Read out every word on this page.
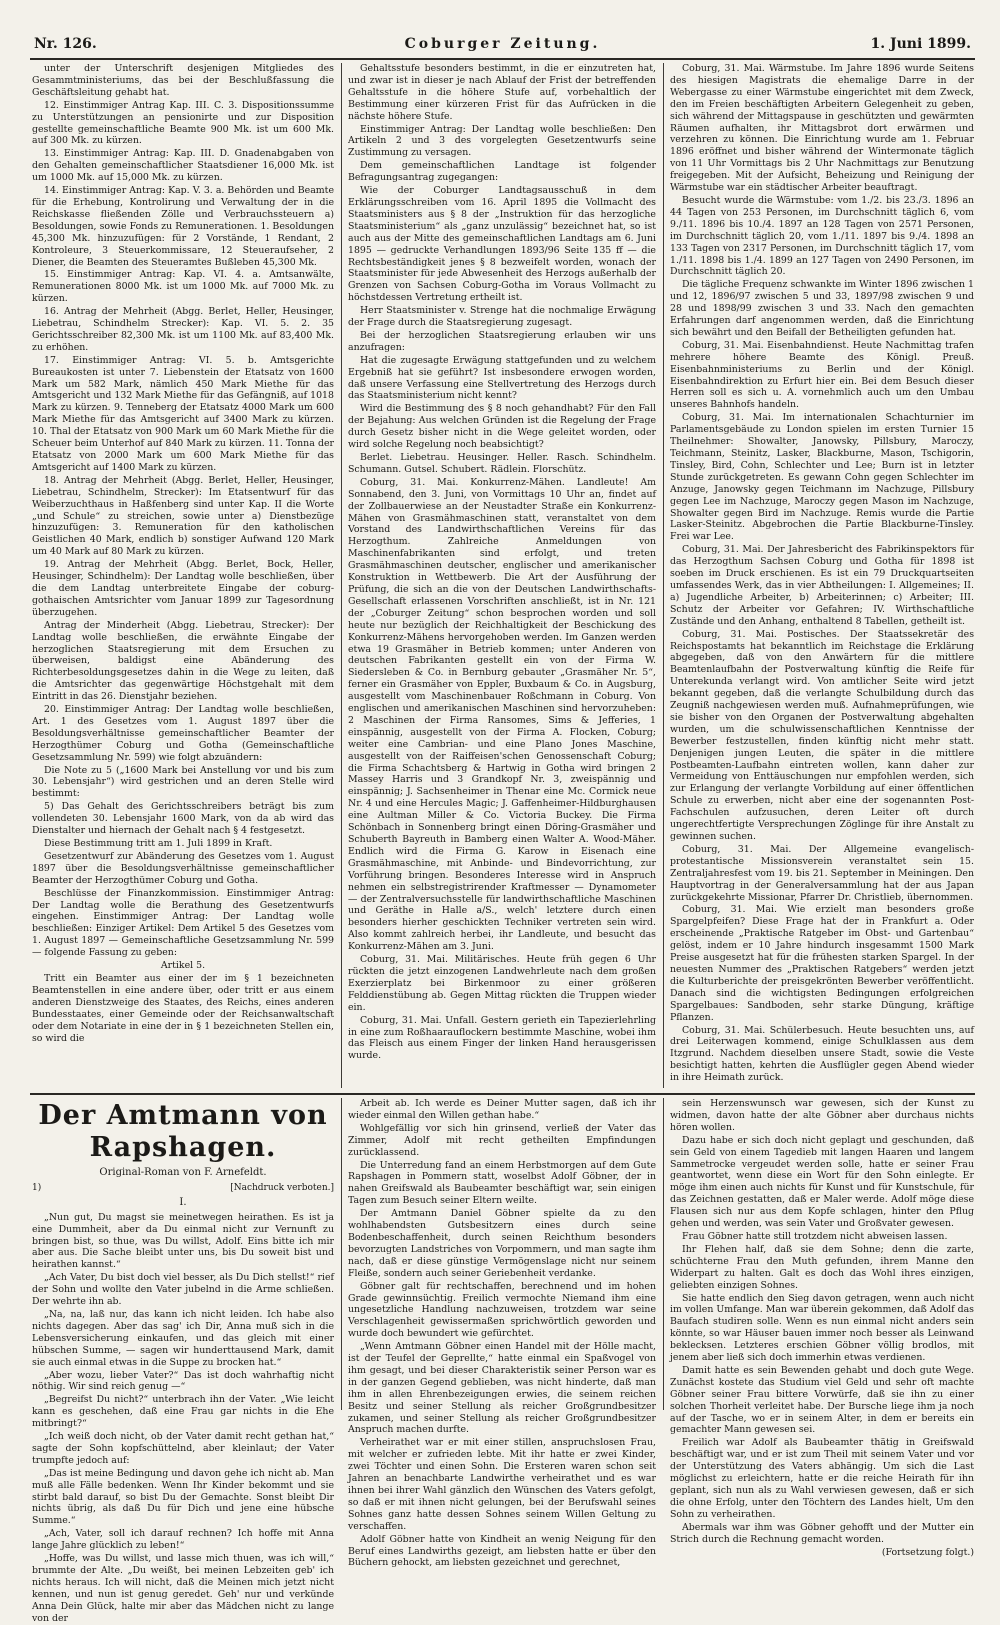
Nr. 126.	Coburger Zeitung.	1. Juni 1899.

unter der Unterschrift desjenigen Mitgliedes des Gesammtministeriums, das bei der Beschlußfassung die Geschäftsleitung gehabt hat.

12. Einstimmiger Antrag Kap. III. C. 3. Dispositionssumme zu Unterstützungen an pensionirte und zur Disposition gestellte gemeinschaftliche Beamte 900 Mk. ist um 600 Mk. auf 300 Mk. zu kürzen.

13. Einstimmiger Antrag: Kap. III. D. Gnadenabgaben von den Gehalten gemeinschaftlicher Staatsdiener 16,000 Mk. ist um 1000 Mk. auf 15,000 Mk. zu kürzen.

14. Einstimmiger Antrag: Kap. V. 3. a. Behörden und Beamte für die Erhebung, Kontrolirung und Verwaltung der in die Reichskasse fließenden Zölle und Verbrauchssteuern a) Besoldungen, sowie Fonds zu Remunerationen. 1. Besoldungen 45,300 Mk. hinzuzufügen: für 2 Vorstände, 1 Rendant, 2 Kontroleure, 3 Steuerkommissare, 12 Steueraufseher, 2 Diener, die Beamten des Steueramtes Bußleben 45,300 Mk.

15. Einstimmiger Antrag: Kap. VI. 4. a. Amtsanwälte, Remunerationen 8000 Mk. ist um 1000 Mk. auf 7000 Mk. zu kürzen.

16. Antrag der Mehrheit (Abgg. Berlet, Heller, Heusinger, Liebetrau, Schindhelm Strecker): Kap. VI. 5. 2. 35 Gerichtsschreiber 82,300 Mk. ist um 1100 Mk. auf 83,400 Mk. zu erhöhen.

17. Einstimmiger Antrag: VI. 5. b. Amtsgerichte Bureaukosten ist unter 7. Liebenstein der Etatsatz von 1600 Mark um 582 Mark, nämlich 450 Mark Miethe für das Amtsgericht und 132 Mark Miethe für das Gefängniß, auf 1018 Mark zu kürzen. 9. Tenneberg der Etatsatz 4000 Mark um 600 Mark Miethe für das Amtsgericht auf 3400 Mark zu kürzen. 10. Thal der Etatsatz von 900 Mark um 60 Mark Miethe für die Scheuer beim Unterhof auf 840 Mark zu kürzen. 11. Tonna der Etatsatz von 2000 Mark um 600 Mark Miethe für das Amtsgericht auf 1400 Mark zu kürzen.

18. Antrag der Mehrheit (Abgg. Berlet, Heller, Heusinger, Liebetrau, Schindhelm, Strecker): Im Etatsentwurf für das Weiberzuchthaus in Haßfenberg sind unter Kap. II die Worte „und Schule“ zu streichen, sowie unter a) Dienstbezüge hinzuzufügen: 3. Remuneration für den katholischen Geistlichen 40 Mark, endlich b) sonstiger Aufwand 120 Mark um 40 Mark auf 80 Mark zu kürzen.

19. Antrag der Mehrheit (Abgg. Berlet, Bock, Heller, Heusinger, Schindhelm): Der Landtag wolle beschließen, über die dem Landtag unterbreitete Eingabe der coburg-gothaischen Amtsrichter vom Januar 1899 zur Tagesordnung überzugehen.

Antrag der Minderheit (Abgg. Liebetrau, Strecker): Der Landtag wolle beschließen, die erwähnte Eingabe der herzoglichen Staatsregierung mit dem Ersuchen zu überweisen, baldigst eine Abänderung des Richterbesoldungsgesetzes dahin in die Wege zu leiten, daß die Amtsrichter das gegenwärtige Höchstgehalt mit dem Eintritt in das 26. Dienstjahr beziehen.

20. Einstimmiger Antrag: Der Landtag wolle beschließen, Art. 1 des Gesetzes vom 1. August 1897 über die Besoldungsverhältnisse gemeinschaftlicher Beamter der Herzogthümer Coburg und Gotha (Gemeinschaftliche Gesetzsammlung Nr. 599) wie folgt abzuändern:

Die Note zu 5 („1600 Mark bei Anstellung vor und bis zum 30. Lebensjahr“) wird gestrichen und an deren Stelle wird bestimmt:

5) Das Gehalt des Gerichtsschreibers beträgt bis zum vollendeten 30. Lebensjahr 1600 Mark, von da ab wird das Dienstalter und hiernach der Gehalt nach § 4 festgesetzt.

Diese Bestimmung tritt am 1. Juli 1899 in Kraft.

Gesetzentwurf zur Abänderung des Gesetzes vom 1. August 1897 über die Besoldungsverhältnisse gemeinschaftlicher Beamter der Herzogthümer Coburg und Gotha.

Beschlüsse der Finanzkommission. Einstimmiger Antrag: Der Landtag wolle die Berathung des Gesetzentwurfs eingehen. Einstimmiger Antrag: Der Landtag wolle beschließen: Einziger Artikel: Dem Artikel 5 des Gesetzes vom 1. August 1897 — Gemeinschaftliche Gesetzsammlung Nr. 599 — folgende Fassung zu geben:

Artikel 5.

Tritt ein Beamter aus einer der im § 1 bezeichneten Beamtenstellen in eine andere über, oder tritt er aus einem anderen Dienstzweige des Staates, des Reichs, eines anderen Bundesstaates, einer Gemeinde oder der Reichsanwaltschaft oder dem Notariate in eine der in § 1 bezeichneten Stellen ein, so wird die

Gehaltsstufe besonders bestimmt, in die er einzutreten hat, und zwar ist in dieser je nach Ablauf der Frist der betreffenden Gehaltsstufe in die höhere Stufe auf, vorbehaltlich der Bestimmung einer kürzeren Frist für das Aufrücken in die nächste höhere Stufe.

Einstimmiger Antrag: Der Landtag wolle beschließen: Den Artikeln 2 und 3 des vorgelegten Gesetzentwurfs seine Zustimmung zu versagen.

Dem gemeinschaftlichen Landtage ist folgender Befragungsantrag zugegangen:

Wie der Coburger Landtagsausschuß in dem Erklärungsschreiben vom 16. April 1895 die Vollmacht des Staatsministers aus § 8 der „Instruktion für das herzogliche Staatsministerium“ als „ganz unzulässig“ bezeichnet hat, so ist auch aus der Mitte des gemeinschaftlichen Landtags am 6. Juni 1895 — gedruckte Verhandlungen 1893/96 Seite 135 ff — die Rechtsbeständigkeit jenes § 8 bezweifelt worden, wonach der Staatsminister für jede Abwesenheit des Herzogs außerhalb der Grenzen von Sachsen Coburg-Gotha im Voraus Vollmacht zu höchstdessen Vertretung ertheilt ist.

Herr Staatsminister v. Strenge hat die nochmalige Erwägung der Frage durch die Staatsregierung zugesagt.

Bei der herzoglichen Staatsregierung erlauben wir uns anzufragen:

Hat die zugesagte Erwägung stattgefunden und zu welchem Ergebniß hat sie geführt? Ist insbesondere erwogen worden, daß unsere Verfassung eine Stellvertretung des Herzogs durch das Staatsministerium nicht kennt?

Wird die Bestimmung des § 8 noch gehandhabt? Für den Fall der Bejahung: Aus welchen Gründen ist die Regelung der Frage durch Gesetz bisher nicht in die Wege geleitet worden, oder wird solche Regelung noch beabsichtigt?

Berlet. Liebetrau. Heusinger. Heller. Rasch. Schindhelm. Schumann. Gutsel. Schubert. Rädlein. Florschütz.

Coburg, 31. Mai. Konkurrenz-Mähen. Landleute! Am Sonnabend, den 3. Juni, von Vormittags 10 Uhr an, findet auf der Zollbauerwiese an der Neustadter Straße ein Konkurrenz-Mähen von Grasmähmaschinen statt, veranstaltet von dem Vorstand des Landwirthschaftlichen Vereins für das Herzogthum. Zahlreiche Anmeldungen von Maschinenfabrikanten sind erfolgt, und treten Grasmähmaschinen deutscher, englischer und amerikanischer Konstruktion in Wettbewerb. Die Art der Ausführung der Prüfung, die sich an die von der Deutschen Landwirthschafts-Gesellschaft erlassenen Vorschriften anschließt, ist in Nr. 121 der „Coburger Zeitung“ schon besprochen worden und soll heute nur bezüglich der Reichhaltigkeit der Beschickung des Konkurrenz-Mähens hervorgehoben werden. Im Ganzen werden etwa 19 Grasmäher in Betrieb kommen; unter Anderen von deutschen Fabrikanten gestellt ein von der Firma W. Siedersleben & Co. in Bernburg gebauter „Grasmäher Nr. 5“, ferner ein Grasmäher von Eppler, Buxbaum & Co. in Augsburg, ausgestellt vom Maschinenbauer Roßchmann in Coburg. Von englischen und amerikanischen Maschinen sind hervorzuheben: 2 Maschinen der Firma Ransomes, Sims & Jefferies, 1 einspännig, ausgestellt von der Firma A. Flocken, Coburg; weiter eine Cambrian- und eine Plano Jones Maschine, ausgestellt von der Raiffeisen'schen Genossenschaft Coburg; die Firma Schachtsberg & Hartwig in Gotha wird bringen 2 Massey Harris und 3 Grandkopf Nr. 3, zweispännig und einspännig; J. Sachsenheimer in Thenar eine Mc. Cormick neue Nr. 4 und eine Hercules Magic; J. Gaffenheimer-Hildburghausen eine Aultman Miller & Co. Victoria Buckey. Die Firma Schönbach in Sonnenberg bringt einen Döring-Grasmäher und Schuberth Bayreuth in Bamberg einen Walter A. Wood-Mäher. Endlich wird die Firma G. Karow in Eisenach eine Grasmähmaschine, mit Anbinde- und Bindevorrichtung, zur Vorführung bringen. Besonderes Interesse wird in Anspruch nehmen ein selbstregistrirender Kraftmesser — Dynamometer — der Zentralversuchsstelle für landwirthschaftliche Maschinen und Geräthe in Halle a/S., welch' letztere durch einen besonders hierher geschickten Techniker vertreten sein wird. Also kommt zahlreich herbei, ihr Landleute, und besucht das Konkurrenz-Mähen am 3. Juni.

Coburg, 31. Mai. Militärisches. Heute früh gegen 6 Uhr rückten die jetzt einzogenen Landwehrleute nach dem großen Exerzierplatz bei Birkenmoor zu einer größeren Felddienstübung ab. Gegen Mittag rückten die Truppen wieder ein.

Coburg, 31. Mai. Unfall. Gestern gerieth ein Tapezierlehrling in eine zum Roßhaarauflockern bestimmte Maschine, wobei ihm das Fleisch aus einem Finger der linken Hand herausgerissen wurde.

Coburg, 31. Mai. Wärmstube. Im Jahre 1896 wurde Seitens des hiesigen Magistrats die ehemalige Darre in der Webergasse zu einer Wärmstube eingerichtet mit dem Zweck, den im Freien beschäftigten Arbeitern Gelegenheit zu geben, sich während der Mittagspause in geschützten und gewärmten Räumen aufhalten, ihr Mittagsbrot dort erwärmen und verzehren zu können. Die Einrichtung wurde am 1. Februar 1896 eröffnet und bisher während der Wintermonate täglich von 11 Uhr Vormittags bis 2 Uhr Nachmittags zur Benutzung freigegeben. Mit der Aufsicht, Beheizung und Reinigung der Wärmstube war ein städtischer Arbeiter beauftragt.

Besucht wurde die Wärmstube: vom 1./2. bis 23./3. 1896 an 44 Tagen von 253 Personen, im Durchschnitt täglich 6, vom 9./11. 1896 bis 10./4. 1897 an 128 Tagen von 2571 Personen, im Durchschnitt täglich 20, vom 1./11. 1897 bis 9./4. 1898 an 133 Tagen von 2317 Personen, im Durchschnitt täglich 17, vom 1./11. 1898 bis 1./4. 1899 an 127 Tagen von 2490 Personen, im Durchschnitt täglich 20.

Die tägliche Frequenz schwankte im Winter 1896 zwischen 1 und 12, 1896/97 zwischen 5 und 33, 1897/98 zwischen 9 und 28 und 1898/99 zwischen 3 und 33. Nach den gemachten Erfahrungen darf angenommen werden, daß die Einrichtung sich bewährt und den Beifall der Betheiligten gefunden hat.

Coburg, 31. Mai. Eisenbahndienst. Heute Nachmittag trafen mehrere höhere Beamte des Königl. Preuß. Eisenbahnministeriums zu Berlin und der Königl. Eisenbahndirektion zu Erfurt hier ein. Bei dem Besuch dieser Herren soll es sich u. A. vornehmlich auch um den Umbau unseres Bahnhofs handeln.

Coburg, 31. Mai. Im internationalen Schachturnier im Parlamentsgebäude zu London spielen im ersten Turnier 15 Theilnehmer: Showalter, Janowsky, Pillsbury, Maroczy, Teichmann, Steinitz, Lasker, Blackburne, Mason, Tschigorin, Tinsley, Bird, Cohn, Schlechter und Lee; Burn ist in letzter Stunde zurückgetreten. Es gewann Cohn gegen Schlechter im Anzuge, Janowsky gegen Teichmann im Nachzuge, Pillsbury gegen Lee im Nachzuge, Maroczy gegen Mason im Nachzuge, Showalter gegen Bird im Nachzuge. Remis wurde die Partie Lasker-Steinitz. Abgebrochen die Partie Blackburne-Tinsley. Frei war Lee.

Coburg, 31. Mai. Der Jahresbericht des Fabrikinspektors für das Herzogthum Sachsen Coburg und Gotha für 1898 ist soeben im Druck erschienen. Es ist ein 79 Druckquartseiten umfassendes Werk, das in vier Abtheilungen: I. Allgemeines; II. a) Jugendliche Arbeiter, b) Arbeiterinnen; c) Arbeiter; III. Schutz der Arbeiter vor Gefahren; IV. Wirthschaftliche Zustände und den Anhang, enthaltend 8 Tabellen, getheilt ist.

Coburg, 31. Mai. Postisches. Der Staatssekretär des Reichspostamts hat bekanntlich im Reichstage die Erklärung abgegeben, daß von den Anwärtern für die mittlere Beamtenlaufbahn der Postverwaltung künftig die Reife für Unterekunda verlangt wird. Von amtlicher Seite wird jetzt bekannt gegeben, daß die verlangte Schulbildung durch das Zeugniß nachgewiesen werden muß. Aufnahmeprüfungen, wie sie bisher von den Organen der Postverwaltung abgehalten wurden, um die schulwissenschaftlichen Kenntnisse der Bewerber festzustellen, finden künftig nicht mehr statt. Denjenigen jungen Leuten, die später in die mittlere Postbeamten-Laufbahn eintreten wollen, kann daher zur Vermeidung von Enttäuschungen nur empfohlen werden, sich zur Erlangung der verlangte Vorbildung auf einer öffentlichen Schule zu erwerben, nicht aber eine der sogenannten Post-Fachschulen aufzusuchen, deren Leiter oft durch ungerechtfertigte Versprechungen Zöglinge für ihre Anstalt zu gewinnen suchen.

Coburg, 31. Mai. Der Allgemeine evangelisch-protestantische Missionsverein veranstaltet sein 15. Zentraljahresfest vom 19. bis 21. September in Meiningen. Den Hauptvortrag in der Generalversammlung hat der aus Japan zurückgekehrte Missionar, Pfarrer Dr. Christlieb, übernommen.

Coburg, 31. Mai. Wie erzielt man besonders große Spargelpfeifen? Diese Frage hat der in Frankfurt a. Oder erscheinende „Praktische Ratgeber im Obst- und Gartenbau“ gelöst, indem er 10 Jahre hindurch insgesammt 1500 Mark Preise ausgesetzt hat für die frühesten starken Spargel. In der neuesten Nummer des „Praktischen Ratgebers“ werden jetzt die Kulturberichte der preisgekrönten Bewerber veröffentlicht. Danach sind die wichtigsten Bedingungen erfolgreichen Spargelbaues: Sandboden, sehr starke Düngung, kräftige Pflanzen.

Coburg, 31. Mai. Schülerbesuch. Heute besuchten uns, auf drei Leiterwagen kommend, einige Schulklassen aus dem Itzgrund. Nachdem dieselben unsere Stadt, sowie die Veste besichtigt hatten, kehrten die Ausflügler gegen Abend wieder in ihre Heimath zurück.

Der Amtmann von Rapshagen.
Original-Roman von F. Arnefeldt.
1)	[Nachdruck verboten.]
I.

„Nun gut, Du magst sie meinetwegen heirathen. Es ist ja eine Dummheit, aber da Du einmal nicht zur Vernunft zu bringen bist, so thue, was Du willst, Adolf. Eins bitte ich mir aber aus. Die Sache bleibt unter uns, bis Du soweit bist und heirathen kannst.“

„Ach Vater, Du bist doch viel besser, als Du Dich stellst!“ rief der Sohn und wollte den Vater jubelnd in die Arme schließen. Der wehrte ihn ab.

„Na, na, laß nur, das kann ich nicht leiden. Ich habe also nichts dagegen. Aber das sag' ich Dir, Anna muß sich in die Lebensversicherung einkaufen, und das gleich mit einer hübschen Summe, — sagen wir hunderttausend Mark, damit sie auch einmal etwas in die Suppe zu brocken hat.“

„Aber wozu, lieber Vater?“ Das ist doch wahrhaftig nicht nöthig. Wir sind reich genug —“

„Begreifst Du nicht?“ unterbrach ihn der Vater. „Wie leicht kann es geschehen, daß eine Frau gar nichts in die Ehe mitbringt?“

„Ich weiß doch nicht, ob der Vater damit recht gethan hat,“ sagte der Sohn kopfschüttelnd, aber kleinlaut; der Vater trumpfte jedoch auf:

„Das ist meine Bedingung und davon gehe ich nicht ab. Man muß alle Fälle bedenken. Wenn Ihr Kinder bekommt und sie stirbt bald darauf, so bist Du der Gemachte. Sonst bleibt Dir nichts übrig, als daß Du für Dich und jene eine hübsche Summe.“

„Ach, Vater, soll ich darauf rechnen? Ich hoffe mit Anna lange Jahre glücklich zu leben!“

„Hoffe, was Du willst, und lasse mich thuen, was ich will,“ brummte der Alte. „Du weißt, bei meinen Lebzeiten geb' ich nichts heraus. Ich will nicht, daß die Meinen mich jetzt nicht kennen, und nun ist genug geredet. Geh' nur und verkünde Anna Dein Glück, halte mir aber das Mädchen nicht zu lange von der

Arbeit ab. Ich werde es Deiner Mutter sagen, daß ich ihr wieder einmal den Willen gethan habe.“

Wohlgefällig vor sich hin grinsend, verließ der Vater das Zimmer, Adolf mit recht getheilten Empfindungen zurücklassend.

Die Unterredung fand an einem Herbstmorgen auf dem Gute Rapshagen in Pommern statt, woselbst Adolf Göbner, der in nahen Greifswald als Baubeamter beschäftigt war, sein einigen Tagen zum Besuch seiner Eltern weilte.

Der Amtmann Daniel Göbner spielte da zu den wohlhabendsten Gutsbesitzern eines durch seine Bodenbeschaffenheit, durch seinen Reichthum besonders bevorzugten Landstriches von Vorpommern, und man sagte ihm nach, daß er diese günstige Vermögenslage nicht nur seinem Fleiße, sondern auch seiner Geriebenheit verdanke.

Göbner galt für rechtschaffen, berechnend und im hohen Grade gewinnsüchtig. Freilich vermochte Niemand ihm eine ungesetzliche Handlung nachzuweisen, trotzdem war seine Verschlagenheit gewissermaßen sprichwörtlich geworden und wurde doch bewundert wie gefürchtet.

„Wenn Amtmann Göbner einen Handel mit der Hölle macht, ist der Teufel der Geprellte,“ hatte einmal ein Spaßvogel von ihm gesagt, und bei dieser Charakteristik seiner Person war es in der ganzen Gegend geblieben, was nicht hinderte, daß man ihm in allen Ehrenbezeigungen erwies, die seinem reichen Besitz und seiner Stellung als reicher Großgrundbesitzer zukamen, und seiner Stellung als reicher Großgrundbesitzer Anspruch machen durfte.

Verheirathet war er mit einer stillen, anspruchslosen Frau, mit welcher er zufrieden lebte. Mit ihr hatte er zwei Kinder, zwei Töchter und einen Sohn. Die Ersteren waren schon seit Jahren an benachbarte Landwirthe verheirathet und es war ihnen bei ihrer Wahl gänzlich den Wünschen des Vaters gefolgt, so daß er mit ihnen nicht gelungen, bei der Berufswahl seines Sohnes ganz hatte dessen Sohnes seinem Willen Geltung zu verschaffen.

Adolf Göbner hatte von Kindheit an wenig Neigung für den Beruf eines Landwirths gezeigt, am liebsten hatte er über den Büchern gehockt, am liebsten gezeichnet und gerechnet,

sein Herzenswunsch war gewesen, sich der Kunst zu widmen, davon hatte der alte Göbner aber durchaus nichts hören wollen.

Dazu habe er sich doch nicht geplagt und geschunden, daß sein Geld von einem Tagedieb mit langen Haaren und langem Sammetrocke vergeudet werden solle, hatte er seiner Frau geantwortet, wenn diese ein Wort für den Sohn einlegte. Er möge ihm einen auch nichts für Kunst und für Kunstschule, für das Zeichnen gestatten, daß er Maler werde. Adolf möge diese Flausen sich nur aus dem Kopfe schlagen, hinter den Pflug gehen und werden, was sein Vater und Großvater gewesen.

Frau Göbner hatte still trotzdem nicht abweisen lassen.

Ihr Flehen half, daß sie dem Sohne; denn die zarte, schüchterne Frau den Muth gefunden, ihrem Manne den Widerpart zu halten. Galt es doch das Wohl ihres einzigen, geliebten einzigen Sohnes.

Sie hatte endlich den Sieg davon getragen, wenn auch nicht im vollen Umfange. Man war überein gekommen, daß Adolf das Baufach studiren solle. Wenn es nun einmal nicht anders sein könnte, so war Häuser bauen immer noch besser als Leinwand beklecksen. Letzteres erschien Göbner völlig brodlos, mit jenem aber ließ sich doch immerhin etwas verdienen.

Damit hatte es sein Bewenden gehabt und doch gute Wege. Zunächst kostete das Studium viel Geld und sehr oft machte Göbner seiner Frau bittere Vorwürfe, daß sie ihn zu einer solchen Thorheit verleitet habe. Der Bursche liege ihm ja noch auf der Tasche, wo er in seinem Alter, in dem er bereits ein gemachter Mann gewesen sei.

Freilich war Adolf als Baubeamter thätig in Greifswald beschäftigt war, und er ist zum Theil mit seinem Vater und vor der Unterstützung des Vaters abhängig. Um sich die Last möglichst zu erleichtern, hatte er die reiche Heirath für ihn geplant, sich nun als zu Wahl verwiesen gewesen, daß er sich die ohne Erfolg, unter den Töchtern des Landes hielt, Um den Sohn zu verheirathen.

Abermals war ihm was Göbner gehofft und der Mutter ein Strich durch die Rechnung gemacht worden.

(Fortsetzung folgt.)
